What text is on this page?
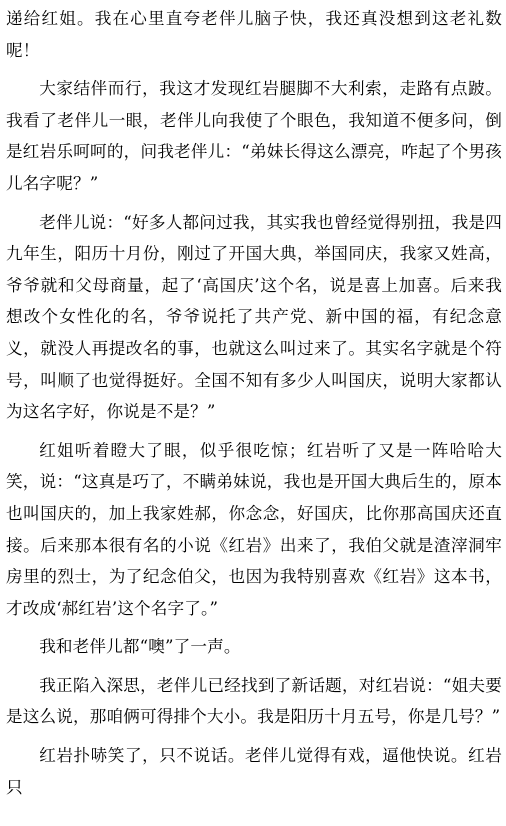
递给红姐。我在心里直夸老伴儿脑子快，我还真没想到这老礼数呢！

大家结伴而行，我这才发现红岩腿脚不大利索，走路有点跛。我看了老伴儿一眼，老伴儿向我使了个眼色，我知道不便多问，倒是红岩乐呵呵的，问我老伴儿：“弟妹长得这么漂亮，咋起了个男孩儿名字呢？”

老伴儿说：“好多人都问过我，其实我也曾经觉得别扭，我是四九年生，阳历十月份，刚过了开国大典，举国同庆，我家又姓高，爷爷就和父母商量，起了‘高国庆’这个名，说是喜上加喜。后来我想改个女性化的名，爷爷说托了共产党、新中国的福，有纪念意义，就没人再提改名的事，也就这么叫过来了。其实名字就是个符号，叫顺了也觉得挺好。全国不知有多少人叫国庆，说明大家都认为这名字好，你说是不是？”

红姐听着瞪大了眼，似乎很吃惊；红岩听了又是一阵哈哈大笑，说：“这真是巧了，不瞒弟妹说，我也是开国大典后生的，原本也叫国庆的，加上我家姓郝，你念念，好国庆，比你那高国庆还直接。后来那本很有名的小说《红岩》出来了，我伯父就是渣滓洞牢房里的烈士，为了纪念伯父，也因为我特别喜欢《红岩》这本书，才改成‘郝红岩’这个名字了。”

我和老伴儿都“噢”了一声。

我正陷入深思，老伴儿已经找到了新话题，对红岩说：“姐夫要是这么说，那咱俩可得排个大小。我是阳历十月五号，你是几号？”

红岩扑哧笑了，只不说话。老伴儿觉得有戏，逼他快说。红岩只
